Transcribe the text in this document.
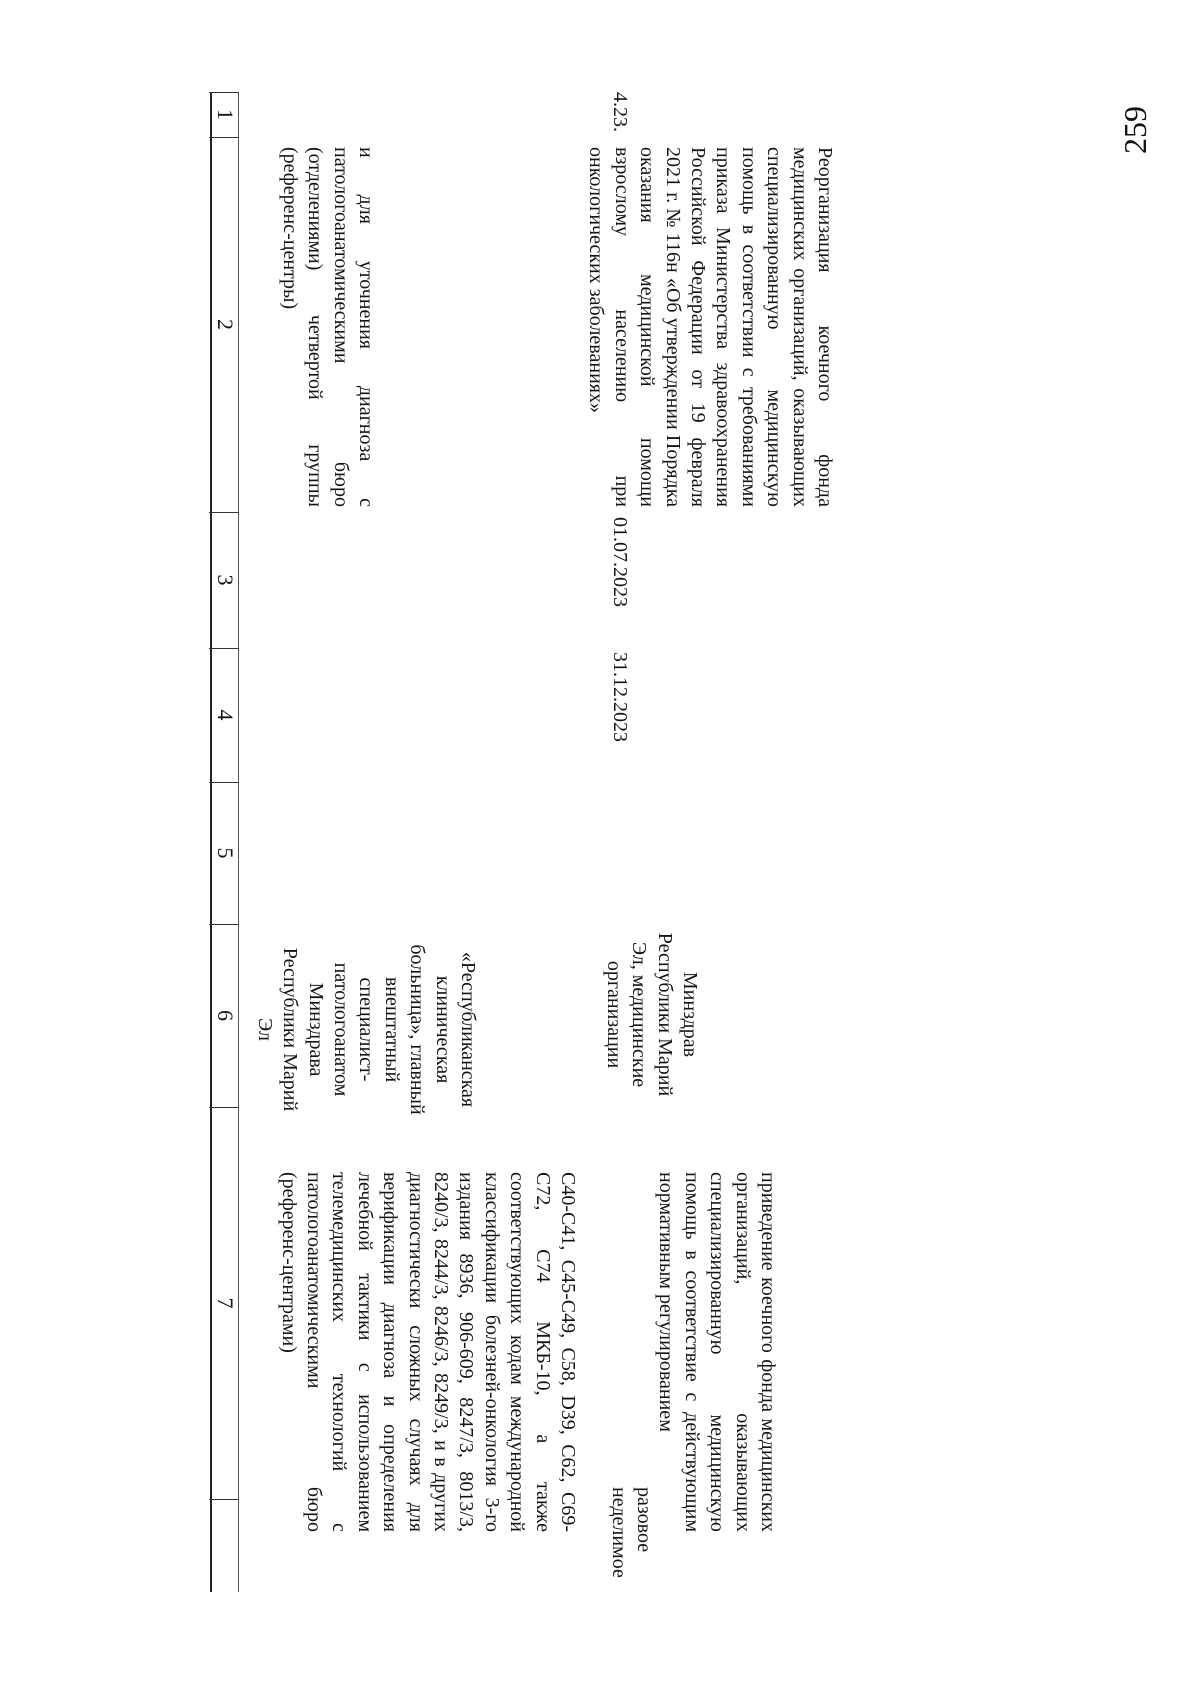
259
1
2
3
4
5
6
7

и для уточнения диагноза с патологоанатомическими бюро (отделениями) четвертой группы (референс-центры)

«Республиканская клиническая больница», главный внештатный специалист-патологоанатом Минздрава Республики Марий Эл

C40-C41, C45-C49, C58, D39, C62, C69-C72, C74 МКБ-10, а также соответствующих кодам международной классификации болезней-онкология 3-го издания 8936, 906-609, 8247/3, 8013/3, 8240/3, 8244/3, 8246/3, 8249/3, и в других диагностически сложных случаях для верификации диагноза и определения лечебной тактики с использованием телемедицинских технологий с патологоанатомическими бюро (референс-центрами)

4.23.

Реорганизация коечного фонда медицинских организаций, оказывающих специализированную медицинскую помощь в соответствии с требованиями приказа Министерства здравоохранения Российской Федерации от 19 февраля 2021 г. № 116н «Об утверждении Порядка оказания медицинской помощи взрослому населению при онкологических заболеваниях»

01.07.2023

31.12.2023

Минздрав Республики Марий Эл, медицинские организации

приведение коечного фонда медицинских организаций, оказывающих специализированную медицинскую помощь в соответствие с действующим нормативным регулированием

разовое неделимое
